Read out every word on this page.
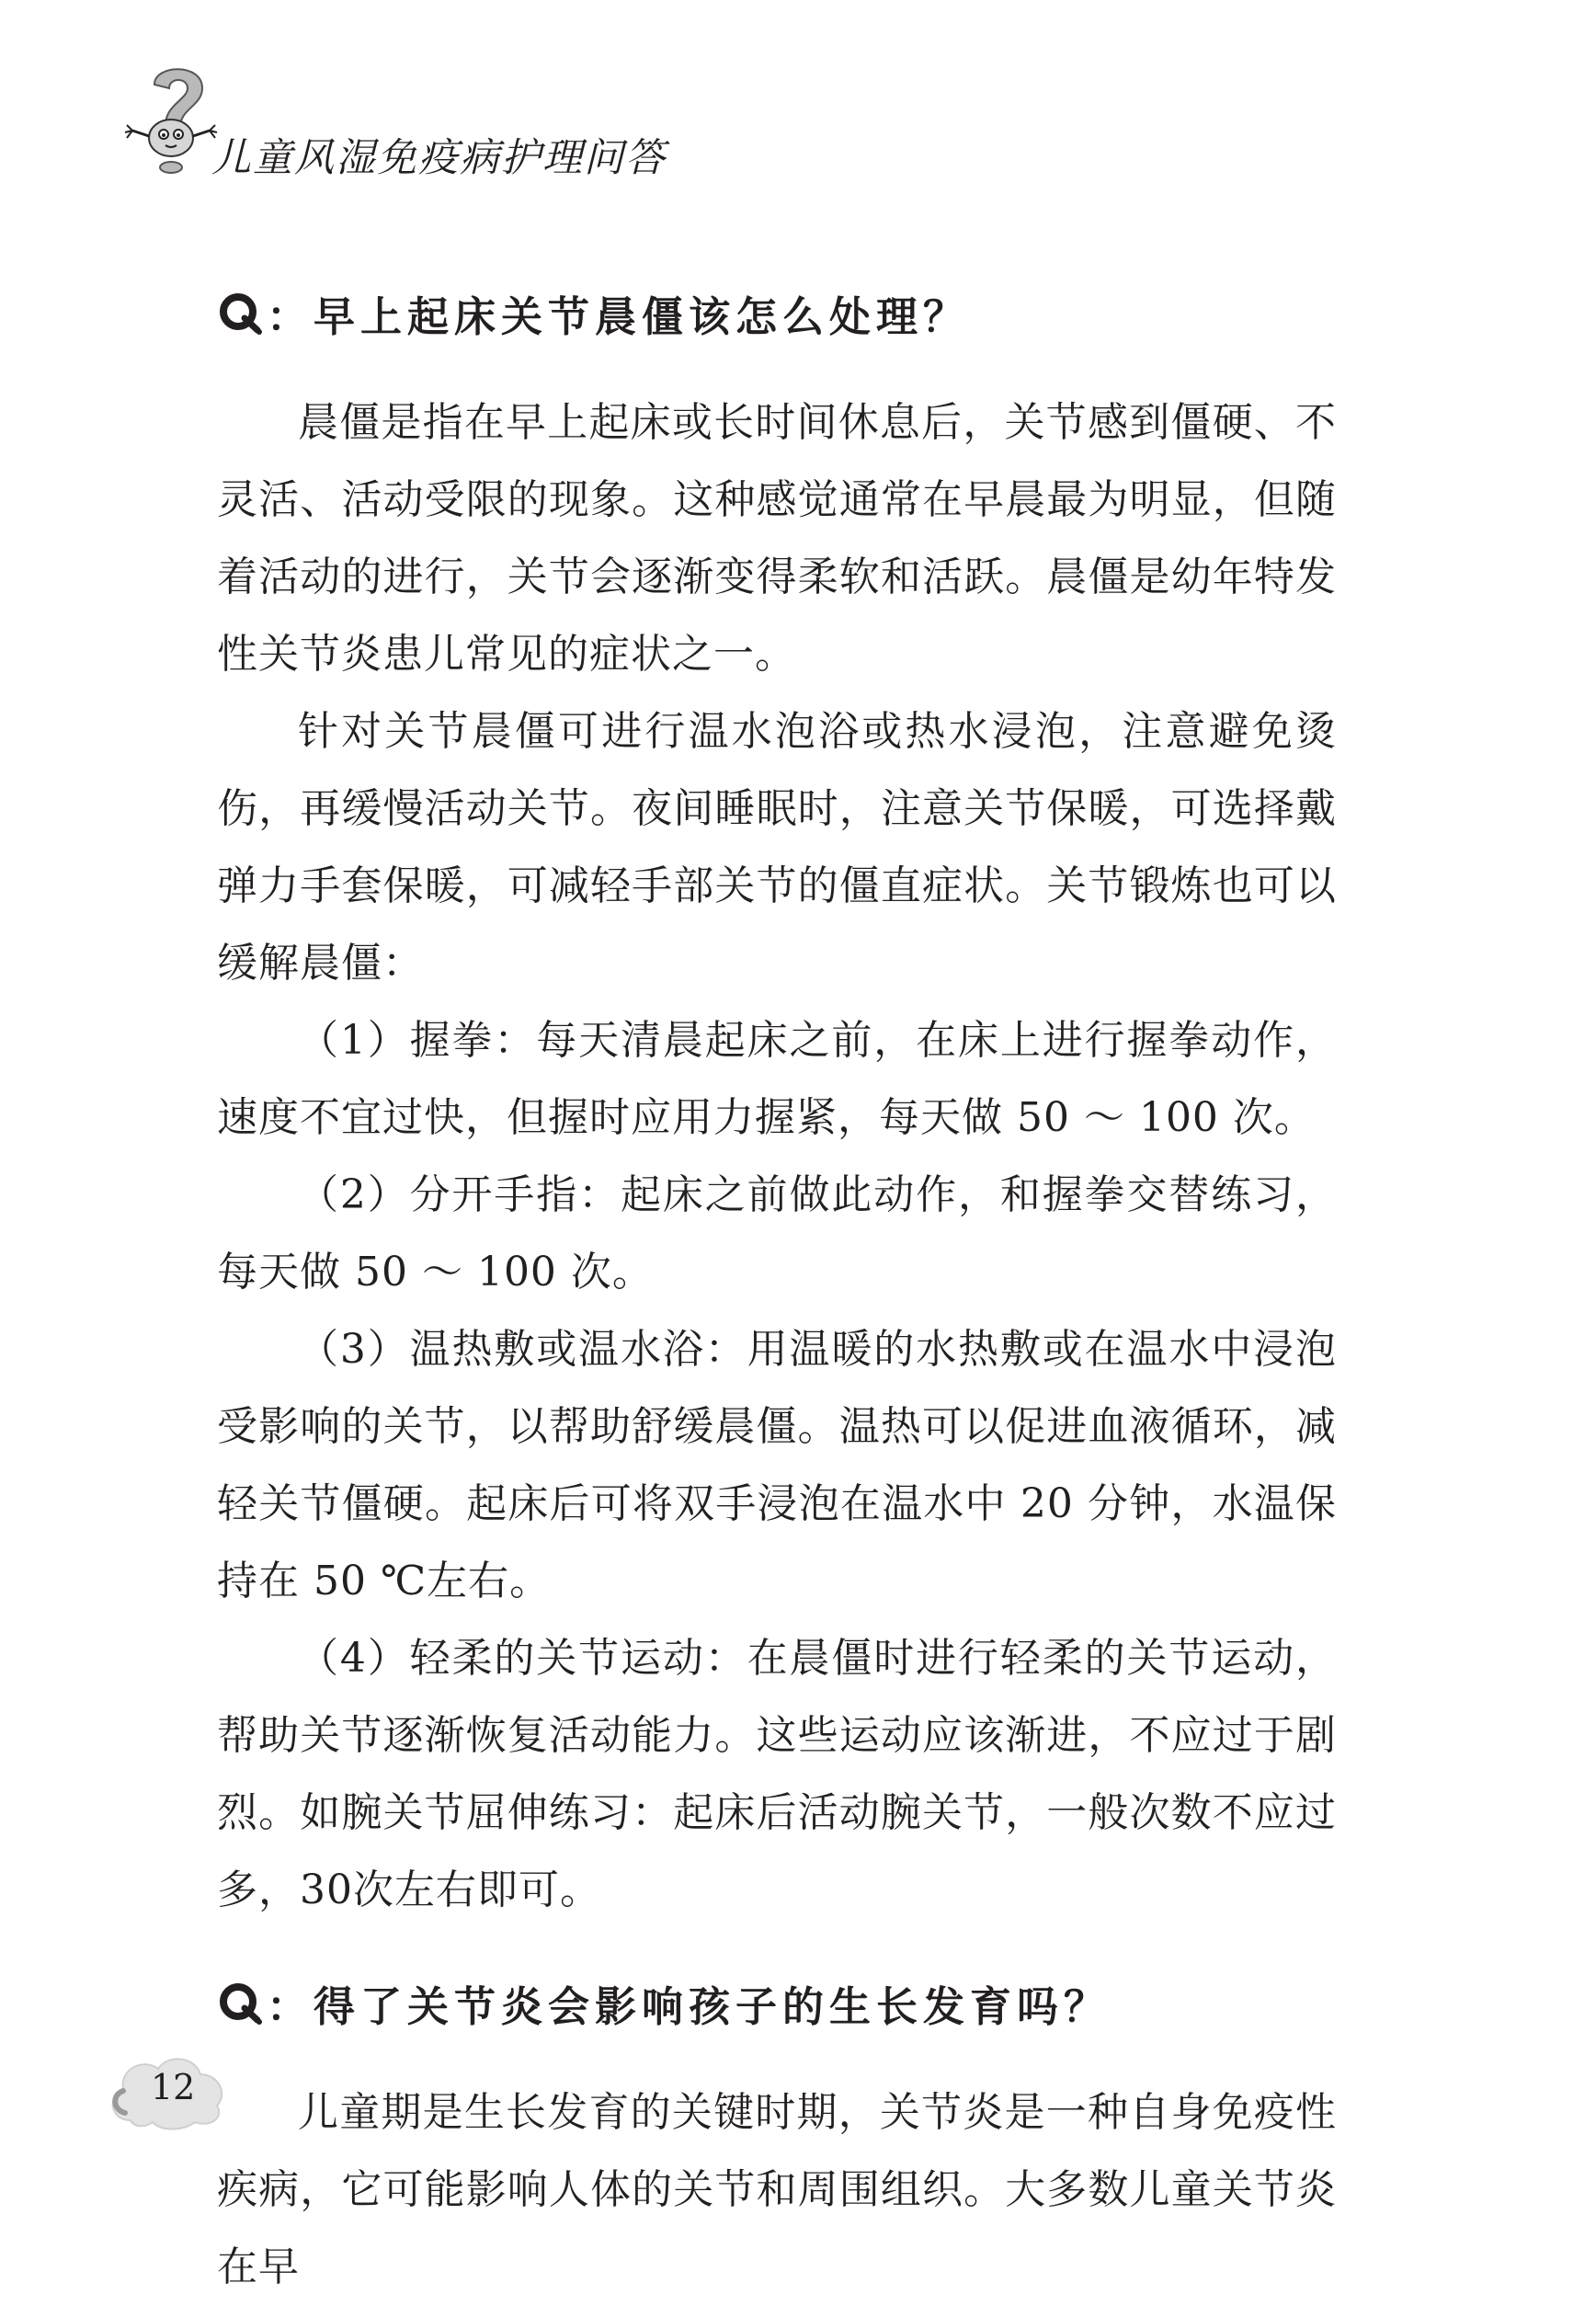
儿童风湿免疫病护理问答
：早上起床关节晨僵该怎么处理？

晨僵是指在早上起床或长时间休息后，关节感到僵硬、不灵活、活动受限的现象。这种感觉通常在早晨最为明显，但随着活动的进行，关节会逐渐变得柔软和活跃。晨僵是幼年特发性关节炎患儿常见的症状之一。

针对关节晨僵可进行温水泡浴或热水浸泡，注意避免烫伤，再缓慢活动关节。夜间睡眠时，注意关节保暖，可选择戴弹力手套保暖，可减轻手部关节的僵直症状。关节锻炼也可以缓解晨僵：

（1）握拳：每天清晨起床之前，在床上进行握拳动作，速度不宜过快，但握时应用力握紧，每天做 50 ～ 100 次。

（2）分开手指：起床之前做此动作，和握拳交替练习，每天做 50 ～ 100 次。

（3）温热敷或温水浴：用温暖的水热敷或在温水中浸泡受影响的关节，以帮助舒缓晨僵。温热可以促进血液循环，减轻关节僵硬。起床后可将双手浸泡在温水中 20 分钟，水温保持在 50 ℃左右。

（4）轻柔的关节运动：在晨僵时进行轻柔的关节运动，帮助关节逐渐恢复活动能力。这些运动应该渐进，不应过于剧烈。如腕关节屈伸练习：起床后活动腕关节，一般次数不应过多，30次左右即可。

：得了关节炎会影响孩子的生长发育吗？

儿童期是生长发育的关键时期，关节炎是一种自身免疫性疾病，它可能影响人体的关节和周围组织。大多数儿童关节炎在早

12
